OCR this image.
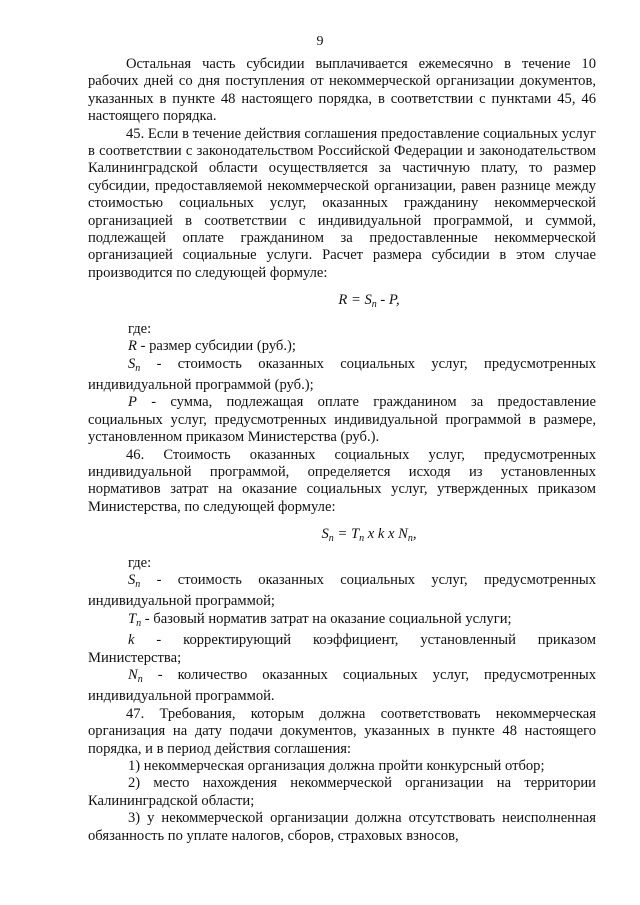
9

Остальная часть субсидии выплачивается ежемесячно в течение 10 рабочих дней со дня поступления от некоммерческой организации документов, указанных в пункте 48 настоящего порядка, в соответствии с пунктами 45, 46 настоящего порядка.

45. Если в течение действия соглашения предоставление социальных услуг в соответствии с законодательством Российской Федерации и законодательством Калининградской области осуществляется за частичную плату, то размер субсидии, предоставляемой некоммерческой организации, равен разнице между стоимостью социальных услуг, оказанных гражданину некоммерческой организацией в соответствии с индивидуальной программой, и суммой, подлежащей оплате гражданином за предоставленные некоммерческой организацией социальные услуги. Расчет размера субсидии в этом случае производится по следующей формуле:

$R = S_n - P$,

где:

R - размер субсидии (руб.);

$S_n$ - стоимость оказанных социальных услуг, предусмотренных индивидуальной программой (руб.);

P - сумма, подлежащая оплате гражданином за предоставление социальных услуг, предусмотренных индивидуальной программой в размере, установленном приказом Министерства (руб.).

46. Стоимость оказанных социальных услуг, предусмотренных индивидуальной программой, определяется исходя из установленных нормативов затрат на оказание социальных услуг, утвержденных приказом Министерства, по следующей формуле:

$S_n = T_n$ x k x $N_n$,

где:

$S_n$ - стоимость оказанных социальных услуг, предусмотренных индивидуальной программой;

$T_n$ - базовый норматив затрат на оказание социальной услуги;

k - корректирующий коэффициент, установленный приказом Министерства;

$N_n$ - количество оказанных социальных услуг, предусмотренных индивидуальной программой.

47. Требования, которым должна соответствовать некоммерческая организация на дату подачи документов, указанных в пункте 48 настоящего порядка, и в период действия соглашения:

1) некоммерческая организация должна пройти конкурсный отбор;

2) место нахождения некоммерческой организации на территории Калининградской области;

3) у некоммерческой организации должна отсутствовать неисполненная обязанность по уплате налогов, сборов, страховых взносов,
